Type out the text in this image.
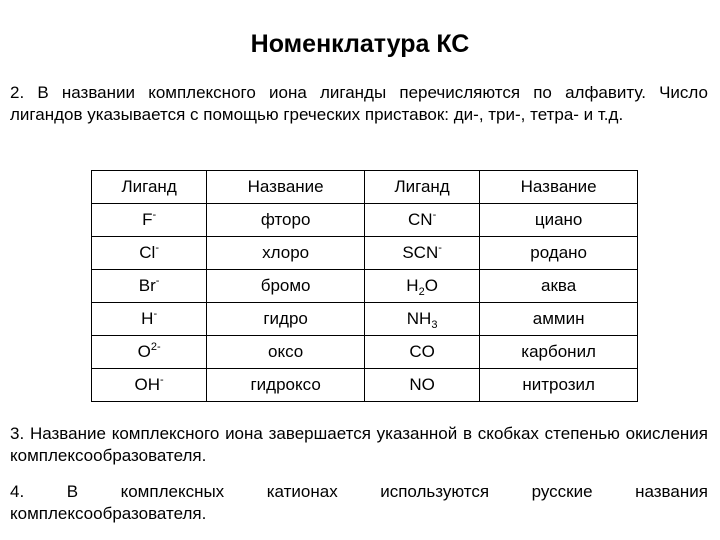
Номенклатура КС
2. В названии комплексного иона лиганды перечисляются по алфавиту. Число лигандов указывается с помощью греческих приставок: ди-, три-, тетра- и т.д.
Лиганд	Название	Лиганд	Название
F-	фторо	CN-	циано
Cl-	хлоро	SCN-	родано
Br-	бромо	$H_2O$	аква
H-	гидро	$NH_3$	аммин
$O^{2-}$	оксо	CO	карбонил
OH-	гидроксо	NO	нитрозил
3. Название комплексного иона завершается указанной в скобках степенью окисления комплексообразователя.
4.	В	комплексных	катионах	используются	русские	названия
комплексообразователя.
